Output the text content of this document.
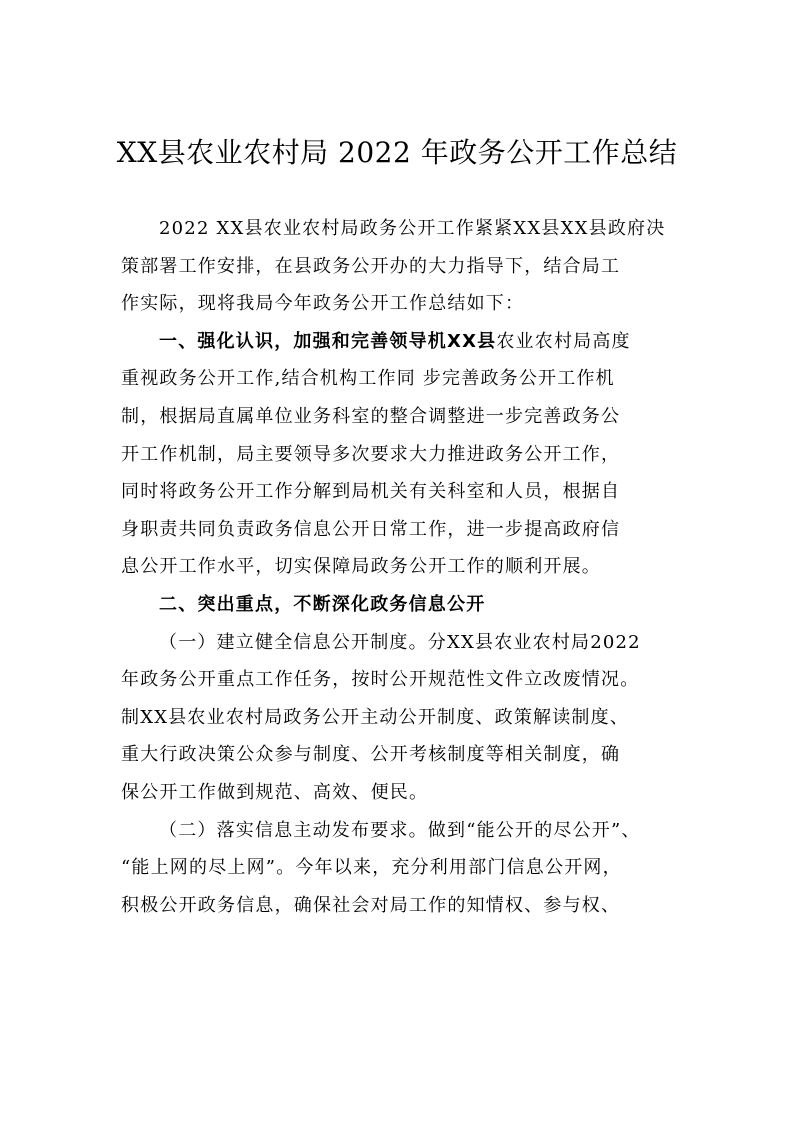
XX县农业农村局 2022 年政务公开工作总结

2022 XX县农业农村局政务公开工作紧紧XX县XX县政府决
策部署工作安排，在县政务公开办的大力指导下，结合局工
作实际，现将我局今年政务公开工作总结如下：

一、强化认识，加强和完善领导机XX县农业农村局高度
重视政务公开工作,结合机构工作同 步完善政务公开工作机
制，根据局直属单位业务科室的整合调整进一步完善政务公
开工作机制，局主要领导多次要求大力推进政务公开工作，
同时将政务公开工作分解到局机关有关科室和人员，根据自
身职责共同负责政务信息公开日常工作，进一步提高政府信
息公开工作水平，切实保障局政务公开工作的顺利开展。

二、突出重点，不断深化政务信息公开

（一）建立健全信息公开制度。分XX县农业农村局2022
年政务公开重点工作任务，按时公开规范性文件立改废情况。
制XX县农业农村局政务公开主动公开制度、政策解读制度、
重大行政决策公众参与制度、公开考核制度等相关制度，确
保公开工作做到规范、高效、便民。

（二）落实信息主动发布要求。做到“能公开的尽公开”、
“能上网的尽上网”。今年以来，充分利用部门信息公开网，
积极公开政务信息，确保社会对局工作的知情权、参与权、
